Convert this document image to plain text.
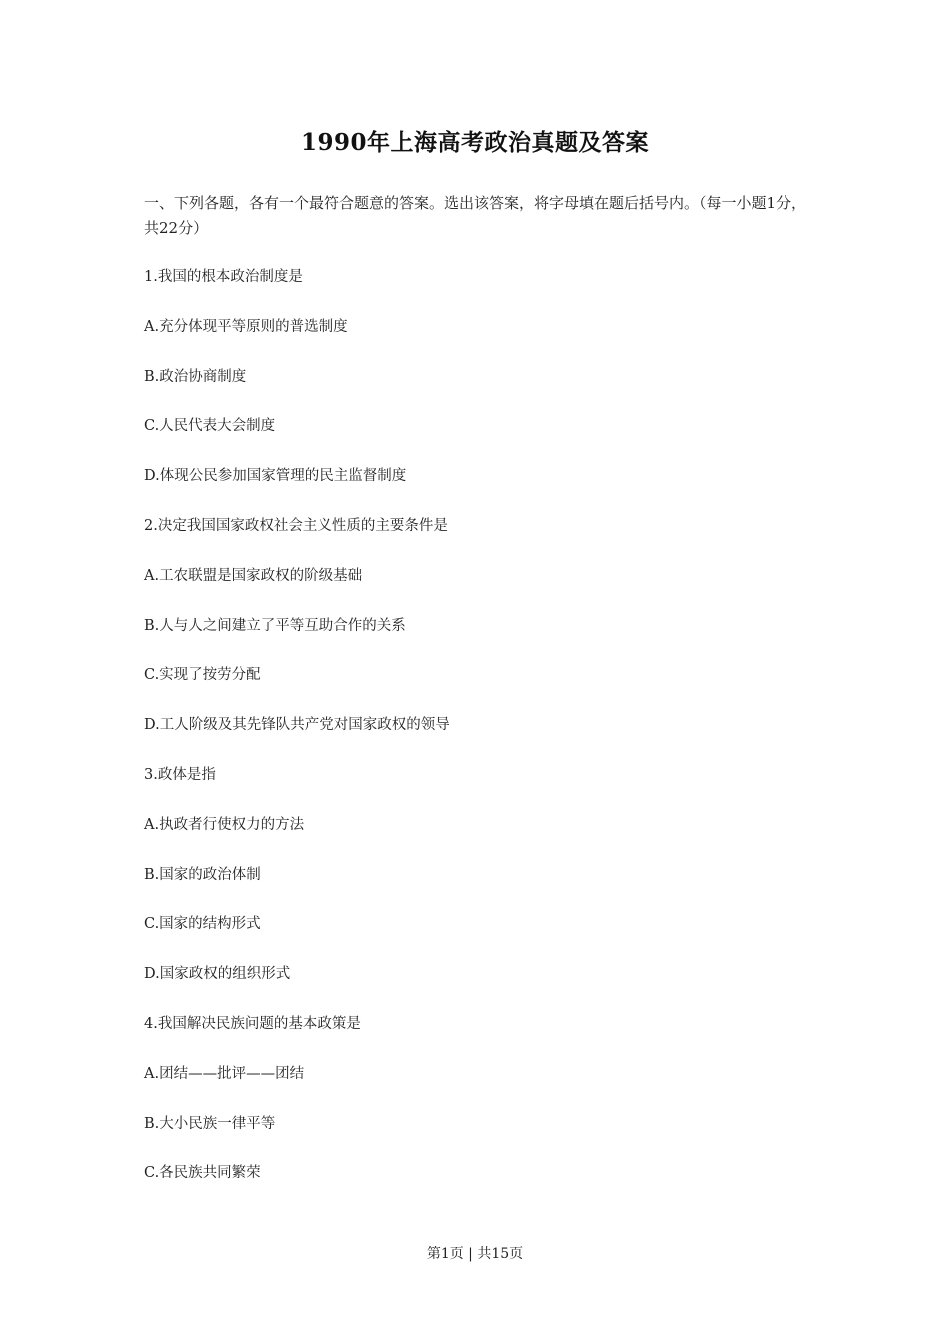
1990年上海高考政治真题及答案
一、下列各题，各有一个最符合题意的答案。选出该答案，将字母填在题后括号内。（每一小题1分，共22分）
1.我国的根本政治制度是
A.充分体现平等原则的普选制度
B.政治协商制度
C.人民代表大会制度
D.体现公民参加国家管理的民主监督制度
2.决定我国国家政权社会主义性质的主要条件是
A.工农联盟是国家政权的阶级基础
B.人与人之间建立了平等互助合作的关系
C.实现了按劳分配
D.工人阶级及其先锋队共产党对国家政权的领导
3.政体是指
A.执政者行使权力的方法
B.国家的政治体制
C.国家的结构形式
D.国家政权的组织形式
4.我国解决民族问题的基本政策是
A.团结——批评——团结
B.大小民族一律平等
C.各民族共同繁荣
第1页 | 共15页
